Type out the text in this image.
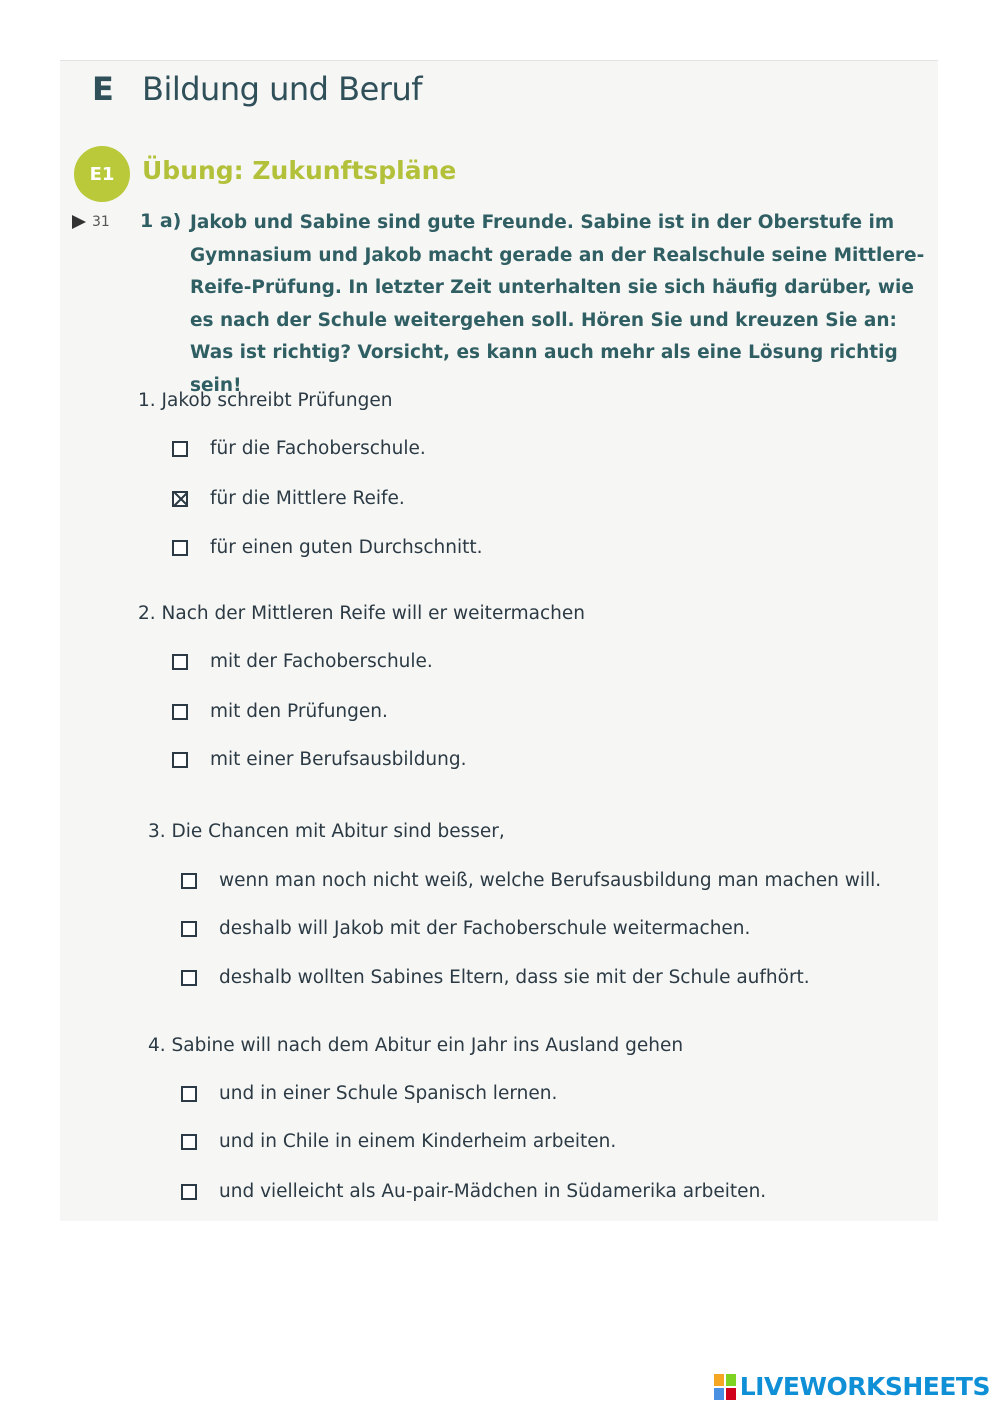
E Bildung und Beruf
E1	Übung: Zukunftspläne
31 1 a) Jakob und Sabine sind gute Freunde. Sabine ist in der Oberstufe im Gymnasium und Jakob macht gerade an der Realschule seine Mittlere-Reife-Prüfung. In letzter Zeit unterhalten sie sich häufig darüber, wie es nach der Schule weitergehen soll. Hören Sie und kreuzen Sie an: Was ist richtig? Vorsicht, es kann auch mehr als eine Lösung richtig sein!

1. Jakob schreibt Prüfungen
für die Fachoberschule.
für die Mittlere Reife.
für einen guten Durchschnitt.
2. Nach der Mittleren Reife will er weitermachen
mit der Fachoberschule.
mit den Prüfungen.
mit einer Berufsausbildung.
3. Die Chancen mit Abitur sind besser,
wenn man noch nicht weiß, welche Berufsausbildung man machen will.
deshalb will Jakob mit der Fachoberschule weitermachen.
deshalb wollten Sabines Eltern, dass sie mit der Schule aufhört.
4. Sabine will nach dem Abitur ein Jahr ins Ausland gehen
und in einer Schule Spanisch lernen.
und in Chile in einem Kinderheim arbeiten.
und vielleicht als Au-pair-Mädchen in Südamerika arbeiten.
LIVEWORKSHEETS
